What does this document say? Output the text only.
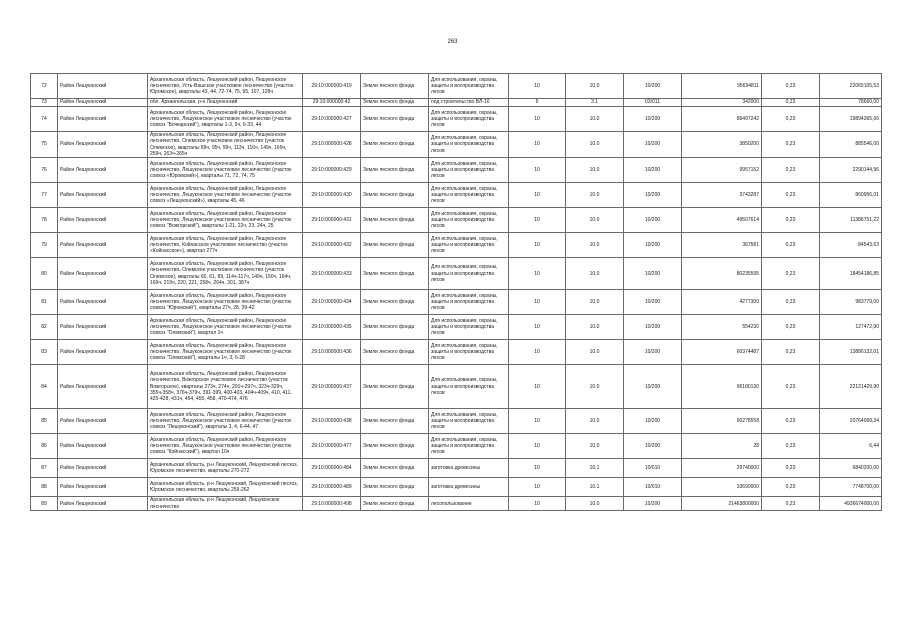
263
72	Район Лешуконский	Архангельская область, Лешуконский район, Лешуконское лесничество, Усть-Вашское участковое лесничество (участок Юромское), кварталы 43, 44, 72-74, 75, 95, 107, 128ч	29:10:000000:419	Земли лесного фонда	Для использования, охраны, защиты и воспроизводства лесов	10	10.0	10/200	95694811	0,23	22065105,53
73	Район Лешуконский	обл. Архангельская, р-н Лешуконский	29:10:000000:42	Земли лесного фонда	под строительство ВЛ-10	6	3.1	03/011	342000	0,23	78660,00
74	Район Лешуконский	Архангельская область, Лешуконский район, Лешуконское лесничество, Лешуконское участковое лесничество (участок совхоз "Бочкарский"), кварталы 1-3, 5ч, 6-33, 44	29:10:000000:427	Земли лесного фонда	Для использования, охраны, защиты и воспроизводства лесов	10	10.0	10/200	86497242	0,23	19894365,66
75	Район Лешуконский	Архангельская область, Лешуконский район, Лешуконское лесничество, Олемское участковое лесничество (участок Олемское), кварталы 89ч, 95ч, 99ч, 113ч, 116ч, 149ч, 169ч, 259ч, 263ч-265ч	29:10:000000:428	Земли лесного фонда	Для использования, охраны, защиты и воспроизводства лесов	10	10.0	10/200	3850200	0,23	885546,00
76	Район Лешуконский	Архангельская область, Лешуконский район, Лешуконское лесничество, Лешуконское участковое лесничество (участок совхоз «Юромский»), кварталы 71, 72, 74, 75	29:10:000000:429	Земли лесного фонда	Для использования, охраны, защиты и воспроизводства лесов	10	10.0	10/200	9957152	0,23	2290144,96
77	Район Лешуконский	Архангельская область, Лешуконский район, Лешуконское лесничество, Лешуконское участковое лесничество (участок совхоз «Лешуконский»), кварталы 45, 46	29:10:000000:430	Земли лесного фонда	Для использования, охраны, защиты и воспроизводства лесов	10	10.0	10/200	3743287	0,23	860956,01
78	Район Лешуконский	Архангельская область, Лешуконский район, Лешуконское лесничество, Лешуконское участковое лесничество (участок совхоз "Вожгорский"), кварталы 1-21, 22ч, 23, 24ч, 25	29:10:000000:431	Земли лесного фонда	Для использования, охраны, защиты и воспроизводства лесов	10	10.0	10/200	49507614	0,23	11386751,22
79	Район Лешуконский	Архангельская область, Лешуконский район, Лешуконское лесничество, Койнасское участковое лесничество (участок «Койнасское»), квартал 277ч	29:10:000000:432	Земли лесного фонда	Для использования, охраны, защиты и воспроизводства лесов	10	10.0	10/200	367581	0,23	84543,63
80	Район Лешуконский	Архангельская область, Лешуконский район, Лешуконское лесничество, Олемское участковое лесничество (участок Олемское), кварталы 60, 61, 89, 114ч-117ч, 149ч, 150ч, 164ч, 169ч, 219ч, 220, 221, 258ч, 264ч, 301, 387ч	29:10:000000:433	Земли лесного фонда	Для использования, охраны, защиты и воспроизводства лесов	10	10.0	10/200	80235595	0,23	18454186,85
81	Район Лешуконский	Архангельская область, Лешуконский район, Лешуконское лесничество, Лешуконское участковое лесничество (участок совхоз "Юромский"), кварталы 27ч, 28, 39-42	29:10:000000:434	Земли лесного фонда	Для использования, охраны, защиты и воспроизводства лесов	10	10.0	10/200	4277300	0,23	983779,00
82	Район Лешуконский	Архангельская область, Лешуконский район, Лешуконское лесничество, Лешуконское участковое лесничество (участок совхоз "Олемский"), квартал 1ч	29:10:000000:435	Земли лесного фонда	Для использования, охраны, защиты и воспроизводства лесов	10	10.0	10/200	554230	0,23	127472,90
83	Район Лешуконский	Архангельская область, Лешуконский район, Лешуконское лесничество, Лешуконское участковое лесничество (участок совхоз "Олемский"), кварталы 1ч, 3, 6-28	29:10:000000:436	Земли лесного фонда	Для использования, охраны, защиты и воспроизводства лесов	10	10.0	10/200	60374487	0,23	13886132,01
84	Район Лешуконский	Архангельская область, Лешуконский район, Лешуконское лесничество, Вожгорское участковое лесничество (участок Вожгорское), кварталы 273ч, 274ч, 291ч-297ч, 323ч-329ч, 355ч-358ч, 376ч-379ч, 391-399, 400-403, 404ч-409ч, 410, 411, 425-428, 431ч, 454, 455, 458, 470-474, 476	29:10:000000:437	Земли лесного фонда	Для использования, охраны, защиты и воспроизводства лесов	10	10.0	10/200	96180130	0,23	22121429,90
85	Район Лешуконский	Архангельская область, Лешуконский район, Лешуконское лесничество, Лешуконское участковое лесничество (участок совхоз "Лешуконский"), кварталы 3, 4, 6-44, 47	29:10:000000:438	Земли лесного фонда	Для использования, охраны, защиты и воспроизводства лесов	10	10.0	10/200	90278558	0,23	20764068,34
86	Район Лешуконский	Архангельская область, Лешуконский район, Лешуконское лесничество, Лешуконское участковое лесничество (участок совхоз "Койнасский"), квартал 10ч	29:10:000000:477	Земли лесного фонда	Для использования, охраны, защиты и воспроизводства лесов	10	10.0	10/200	28	0,23	6,44
87	Район Лешуконский	Архангельская область, р-н Лешуконский, Лешуконский лесхоз, Юромское лесничество, кварталы 270-272	29:10:000000:484	Земли лесного фонда	заготовка древесины	10	10.1	10/010	29740000	0,23	6840200,00
88	Район Лешуконский	Архангельская область, р-н Лешуконский, Лешуконский лесхоз, Юромское лесничество, кварталы 259-262	29:10:000000:489	Земли лесного фонда	заготовка древесины	10	10.1	10/010	33690000	0,23	7748700,00
89	Район Лешуконский	Архангельская область, р-н Лешуконский, Лешуконское лесничество	29:10:000000:498	Земли лесного фонда	лесопользование	10	10.0	10/200	21463800000	0,23	4936674000,00
